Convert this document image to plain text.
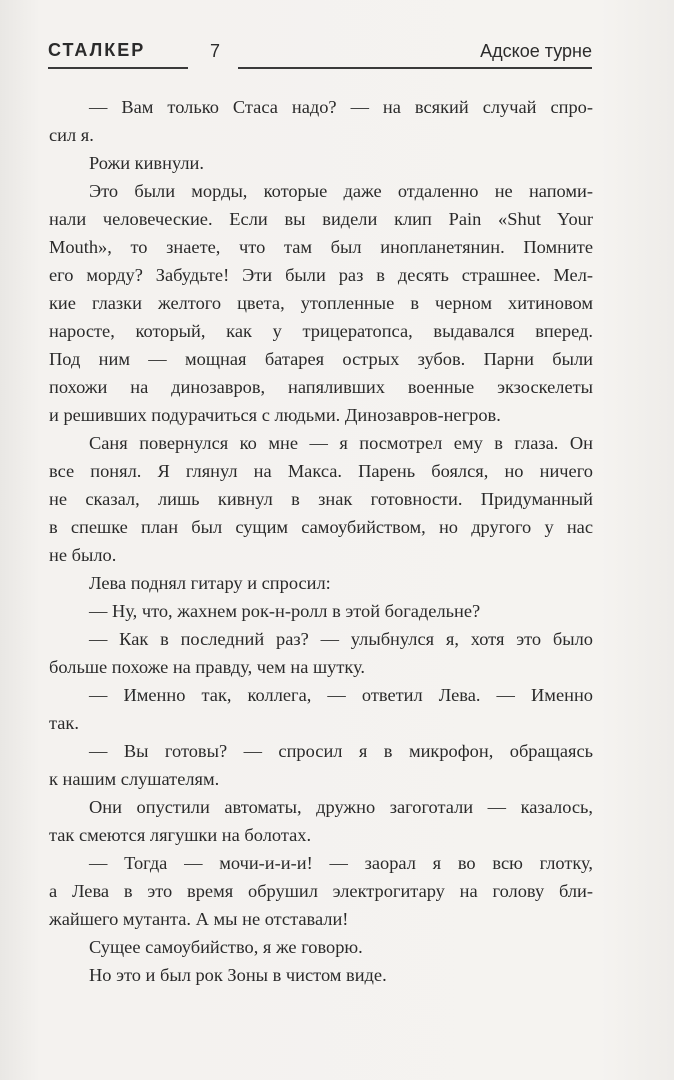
СТАЛКЕР	7	Адское турне

— Вам только Стаса надо? — на всякий случай спро-
сил я.

Рожи кивнули.

Это были морды, которые даже отдаленно не напоми-
нали человеческие. Если вы видели клип Pain «Shut Your
Mouth», то знаете, что там был инопланетянин. Помните
его морду? Забудьте! Эти были раз в десять страшнее. Мел-
кие глазки желтого цвета, утопленные в черном хитиновом
наросте, который, как у трицератопса, выдавался вперед.
Под ним — мощная батарея острых зубов. Парни были
похожи на динозавров, напяливших военные экзоскелеты
и решивших подурачиться с людьми. Динозавров-негров.

Саня повернулся ко мне — я посмотрел ему в глаза. Он
все понял. Я глянул на Макса. Парень боялся, но ничего
не сказал, лишь кивнул в знак готовности. Придуманный
в спешке план был сущим самоубийством, но другого у нас
не было.

Лева поднял гитару и спросил:

— Ну, что, жахнем рок-н-ролл в этой богадельне?

— Как в последний раз? — улыбнулся я, хотя это было
больше похоже на правду, чем на шутку.

— Именно так, коллега, — ответил Лева. — Именно
так.

— Вы готовы? — спросил я в микрофон, обращаясь
к нашим слушателям.

Они опустили автоматы, дружно загоготали — казалось,
так смеются лягушки на болотах.

— Тогда — мочи-и-и-и! — заорал я во всю глотку,
а Лева в это время обрушил электрогитару на голову бли-
жайшего мутанта. А мы не отставали!

Сущее самоубийство, я же говорю.

Но это и был рок Зоны в чистом виде.
